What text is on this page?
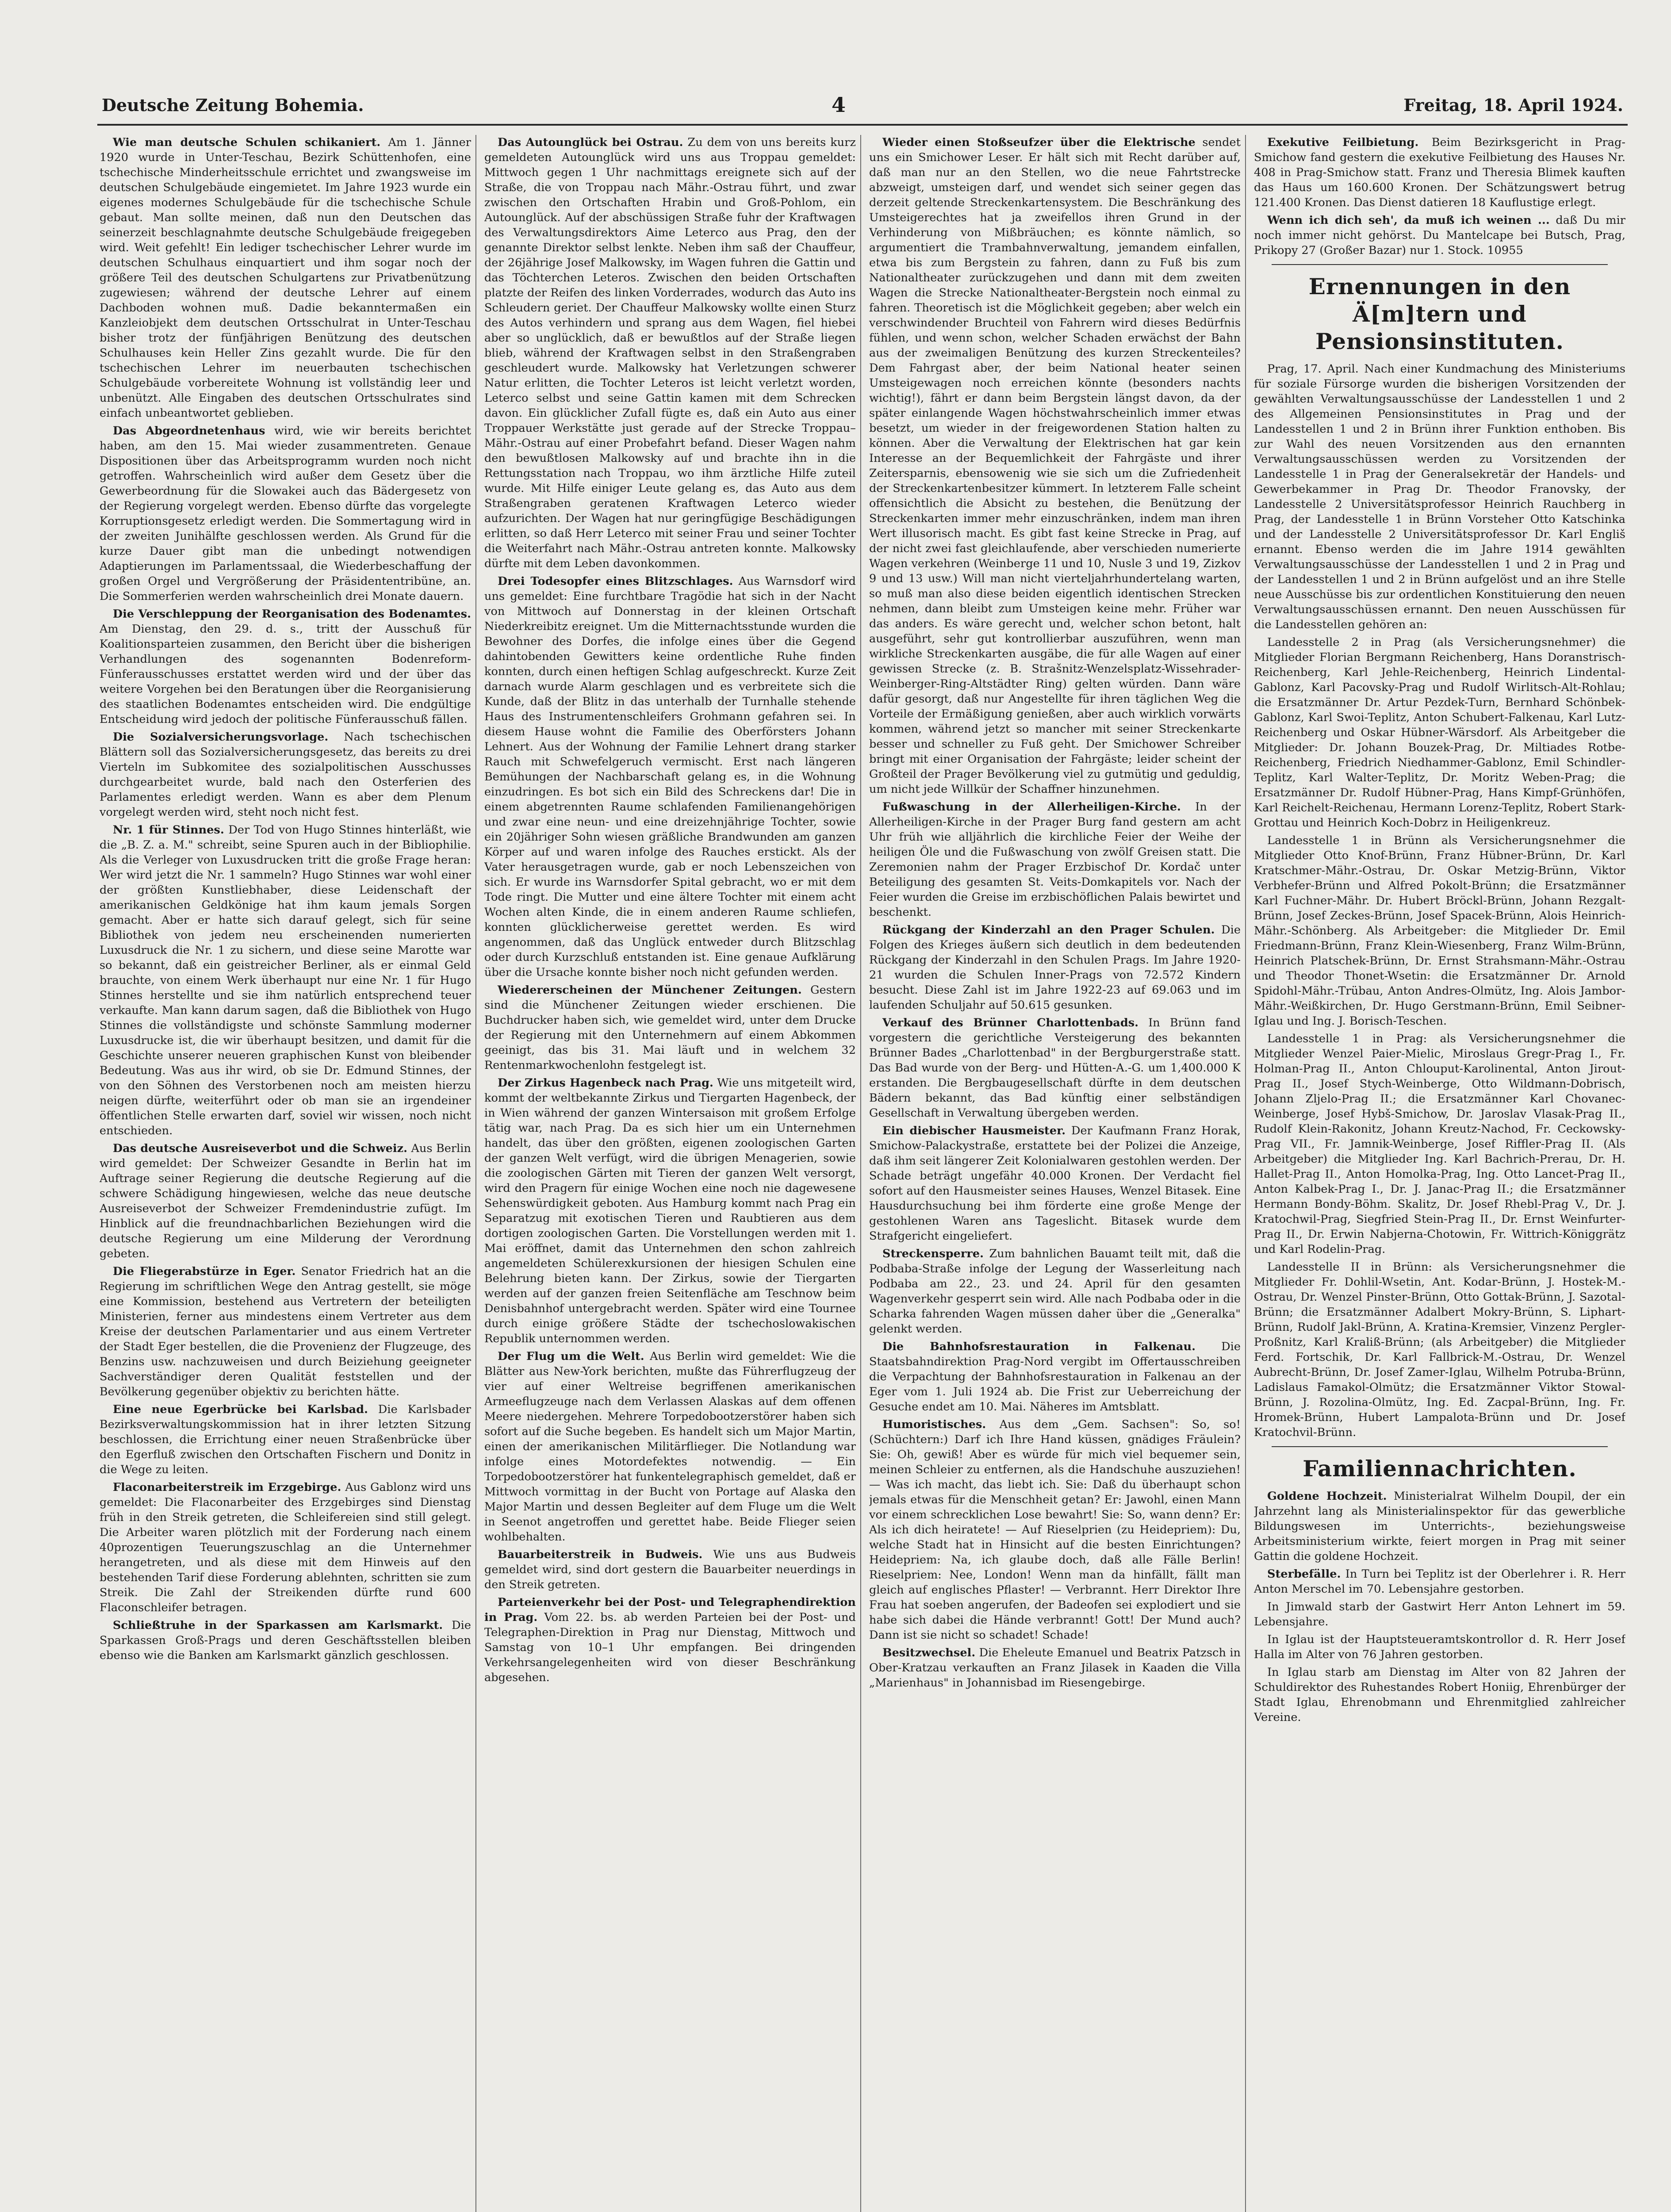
Deutsche Zeitung Bohemia.	4	Freitag, 18. April 1924.

Wie man deutsche Schulen schikaniert. Am 1. Jänner 1920 wurde in Unter-Teschau, Bezirk Schüttenhofen, eine tschechische Minderheitsschule errichtet und zwangsweise im deutschen Schulgebäude eingemietet. Im Jahre 1923 wurde ein eigenes modernes Schulgebäude für die tschechische Schule gebaut. Man sollte meinen, daß nun den Deutschen das seinerzeit beschlagnahmte deutsche Schulgebäude freigegeben wird. Weit gefehlt! Ein lediger tschechischer Lehrer wurde im deutschen Schulhaus einquartiert und ihm sogar noch der größere Teil des deutschen Schulgartens zur Privatbenützung zugewiesen; während der deutsche Lehrer auf einem Dachboden wohnen muß. Dadie bekanntermaßen ein Kanzleiobjekt dem deutschen Ortsschulrat in Unter-Teschau bisher trotz der fünfjährigen Benützung des deutschen Schulhauses kein Heller Zins gezahlt wurde. Die für den tschechischen Lehrer im neuerbauten tschechischen Schulgebäude vorbereitete Wohnung ist vollständig leer und unbenützt. Alle Eingaben des deutschen Ortsschulrates sind einfach unbeantwortet geblieben.

Das Abgeordnetenhaus wird, wie wir bereits berichtet haben, am den 15. Mai wieder zusammentreten. Genaue Dispositionen über das Arbeitsprogramm wurden noch nicht getroffen. Wahrscheinlich wird außer dem Gesetz über die Gewerbeordnung für die Slowakei auch das Bädergesetz von der Regierung vorgelegt werden. Ebenso dürfte das vorgelegte Korruptionsgesetz erledigt werden. Die Sommertagung wird in der zweiten Junihälfte geschlossen werden. Als Grund für die kurze Dauer gibt man die unbedingt notwendigen Adaptierungen im Parlamentssaal, die Wiederbeschaffung der großen Orgel und Vergrößerung der Präsidententribüne, an. Die Sommerferien werden wahrscheinlich drei Monate dauern.

Die Verschleppung der Reorganisation des Bodenamtes. Am Dienstag, den 29. d. s., tritt der Ausschuß für Koalitionsparteien zusammen, den Bericht über die bisherigen Verhandlungen des sogenannten Bodenreform-Fünferausschusses erstattet werden wird und der über das weitere Vorgehen bei den Beratungen über die Reorganisierung des staatlichen Bodenamtes entscheiden wird. Die endgültige Entscheidung wird jedoch der politische Fünferausschuß fällen.

Die Sozialversicherungsvorlage. Nach tschechischen Blättern soll das Sozialversicherungsgesetz, das bereits zu drei Vierteln im Subkomitee des sozialpolitischen Ausschusses durchgearbeitet wurde, bald nach den Osterferien des Parlamentes erledigt werden. Wann es aber dem Plenum vorgelegt werden wird, steht noch nicht fest.

Nr. 1 für Stinnes. Der Tod von Hugo Stinnes hinterläßt, wie die „B. Z. a. M." schreibt, seine Spuren auch in der Bibliophilie. Als die Verleger von Luxusdrucken tritt die große Frage heran: Wer wird jetzt die Nr. 1 sammeln? Hugo Stinnes war wohl einer der größten Kunstliebhaber, diese Leidenschaft der amerikanischen Geldkönige hat ihm kaum jemals Sorgen gemacht. Aber er hatte sich darauf gelegt, sich für seine Bibliothek von jedem neu erscheinenden numerierten Luxusdruck die Nr. 1 zu sichern, und diese seine Marotte war so bekannt, daß ein geistreicher Berliner, als er einmal Geld brauchte, von einem Werk überhaupt nur eine Nr. 1 für Hugo Stinnes herstellte und sie ihm natürlich entsprechend teuer verkaufte. Man kann darum sagen, daß die Bibliothek von Hugo Stinnes die vollständigste und schönste Sammlung moderner Luxusdrucke ist, die wir überhaupt besitzen, und damit für die Geschichte unserer neueren graphischen Kunst von bleibender Bedeutung. Was aus ihr wird, ob sie Dr. Edmund Stinnes, der von den Söhnen des Verstorbenen noch am meisten hierzu neigen dürfte, weiterführt oder ob man sie an irgendeiner öffentlichen Stelle erwarten darf, soviel wir wissen, noch nicht entschieden.

Das deutsche Ausreiseverbot und die Schweiz. Aus Berlin wird gemeldet: Der Schweizer Gesandte in Berlin hat im Auftrage seiner Regierung die deutsche Regierung auf die schwere Schädigung hingewiesen, welche das neue deutsche Ausreiseverbot der Schweizer Fremdenindustrie zufügt. Im Hinblick auf die freundnachbarlichen Beziehungen wird die deutsche Regierung um eine Milderung der Verordnung gebeten.

Die Fliegerabstürze in Eger. Senator Friedrich hat an die Regierung im schriftlichen Wege den Antrag gestellt, sie möge eine Kommission, bestehend aus Vertretern der beteiligten Ministerien, ferner aus mindestens einem Vertreter aus dem Kreise der deutschen Parlamentarier und aus einem Vertreter der Stadt Eger bestellen, die die Provenienz der Flugzeuge, des Benzins usw. nachzuweisen und durch Beiziehung geeigneter Sachverständiger deren Qualität feststellen und der Bevölkerung gegenüber objektiv zu berichten hätte.

Eine neue Egerbrücke bei Karlsbad. Die Karlsbader Bezirksverwaltungskommission hat in ihrer letzten Sitzung beschlossen, die Errichtung einer neuen Straßenbrücke über den Egerfluß zwischen den Ortschaften Fischern und Donitz in die Wege zu leiten.

Flaconarbeiterstreik im Erzgebirge. Aus Gablonz wird uns gemeldet: Die Flaconarbeiter des Erzgebirges sind Dienstag früh in den Streik getreten, die Schleifereien sind still gelegt. Die Arbeiter waren plötzlich mit der Forderung nach einem 40prozentigen Teuerungszuschlag an die Unternehmer herangetreten, und als diese mit dem Hinweis auf den bestehenden Tarif diese Forderung ablehnten, schritten sie zum Streik. Die Zahl der Streikenden dürfte rund 600 Flaconschleifer betragen.

Schließtruhe in der Sparkassen am Karlsmarkt. Die Sparkassen Groß-Prags und deren Geschäftsstellen bleiben ebenso wie die Banken am Karlsmarkt gänzlich geschlossen.

Das Autounglück bei Ostrau. Zu dem von uns bereits kurz gemeldeten Autounglück wird uns aus Troppau gemeldet: Mittwoch gegen 1 Uhr nachmittags ereignete sich auf der Straße, die von Troppau nach Mähr.-Ostrau führt, und zwar zwischen den Ortschaften Hrabin und Groß-Pohlom, ein Autounglück. Auf der abschüssigen Straße fuhr der Kraftwagen des Verwaltungsdirektors Aime Leterco aus Prag, den der genannte Direktor selbst lenkte. Neben ihm saß der Chauffeur, der 26jährige Josef Malkowsky, im Wagen fuhren die Gattin und das Töchterchen Leteros. Zwischen den beiden Ortschaften platzte der Reifen des linken Vorderrades, wodurch das Auto ins Schleudern geriet. Der Chauffeur Malkowsky wollte einen Sturz des Autos verhindern und sprang aus dem Wagen, fiel hiebei aber so unglücklich, daß er bewußtlos auf der Straße liegen blieb, während der Kraftwagen selbst in den Straßengraben geschleudert wurde. Malkowsky hat Verletzungen schwerer Natur erlitten, die Tochter Leteros ist leicht verletzt worden, Leterco selbst und seine Gattin kamen mit dem Schrecken davon. Ein glücklicher Zufall fügte es, daß ein Auto aus einer Troppauer Werkstätte just gerade auf der Strecke Troppau–Mähr.-Ostrau auf einer Probefahrt befand. Dieser Wagen nahm den bewußtlosen Malkowsky auf und brachte ihn in die Rettungsstation nach Troppau, wo ihm ärztliche Hilfe zuteil wurde. Mit Hilfe einiger Leute gelang es, das Auto aus dem Straßengraben geratenen Kraftwagen Leterco wieder aufzurichten. Der Wagen hat nur geringfügige Beschädigungen erlitten, so daß Herr Leterco mit seiner Frau und seiner Tochter die Weiterfahrt nach Mähr.-Ostrau antreten konnte. Malkowsky dürfte mit dem Leben davonkommen.

Drei Todesopfer eines Blitzschlages. Aus Warnsdorf wird uns gemeldet: Eine furchtbare Tragödie hat sich in der Nacht von Mittwoch auf Donnerstag in der kleinen Ortschaft Niederkreibitz ereignet. Um die Mitternachtsstunde wurden die Bewohner des Dorfes, die infolge eines über die Gegend dahintobenden Gewitters keine ordentliche Ruhe finden konnten, durch einen heftigen Schlag aufgeschreckt. Kurze Zeit darnach wurde Alarm geschlagen und es verbreitete sich die Kunde, daß der Blitz in das unterhalb der Turnhalle stehende Haus des Instrumentenschleifers Grohmann gefahren sei. In diesem Hause wohnt die Familie des Oberförsters Johann Lehnert. Aus der Wohnung der Familie Lehnert drang starker Rauch mit Schwefelgeruch vermischt. Erst nach längeren Bemühungen der Nachbarschaft gelang es, in die Wohnung einzudringen. Es bot sich ein Bild des Schreckens dar! Die in einem abgetrennten Raume schlafenden Familienangehörigen und zwar eine neun- und eine dreizehnjährige Tochter, sowie ein 20jähriger Sohn wiesen gräßliche Brandwunden am ganzen Körper auf und waren infolge des Rauches erstickt. Als der Vater herausgetragen wurde, gab er noch Lebenszeichen von sich. Er wurde ins Warnsdorfer Spital gebracht, wo er mit dem Tode ringt. Die Mutter und eine ältere Tochter mit einem acht Wochen alten Kinde, die in einem anderen Raume schliefen, konnten glücklicherweise gerettet werden. Es wird angenommen, daß das Unglück entweder durch Blitzschlag oder durch Kurzschluß entstanden ist. Eine genaue Aufklärung über die Ursache konnte bisher noch nicht gefunden werden.

Wiedererscheinen der Münchener Zeitungen. Gestern sind die Münchener Zeitungen wieder erschienen. Die Buchdrucker haben sich, wie gemeldet wird, unter dem Drucke der Regierung mit den Unternehmern auf einem Abkommen geeinigt, das bis 31. Mai läuft und in welchem 32 Rentenmarkwochenlohn festgelegt ist.

Der Zirkus Hagenbeck nach Prag. Wie uns mitgeteilt wird, kommt der weltbekannte Zirkus und Tiergarten Hagenbeck, der in Wien während der ganzen Wintersaison mit großem Erfolge tätig war, nach Prag. Da es sich hier um ein Unternehmen handelt, das über den größten, eigenen zoologischen Garten der ganzen Welt verfügt, wird die übrigen Menagerien, sowie die zoologischen Gärten mit Tieren der ganzen Welt versorgt, wird den Pragern für einige Wochen eine noch nie dagewesene Sehenswürdigkeit geboten. Aus Hamburg kommt nach Prag ein Separatzug mit exotischen Tieren und Raubtieren aus dem dortigen zoologischen Garten. Die Vorstellungen werden mit 1. Mai eröffnet, damit das Unternehmen den schon zahlreich angemeldeten Schülerexkursionen der hiesigen Schulen eine Belehrung bieten kann. Der Zirkus, sowie der Tiergarten werden auf der ganzen freien Seitenfläche am Teschnow beim Denisbahnhof untergebracht werden. Später wird eine Tournee durch einige größere Städte der tschechoslowakischen Republik unternommen werden.

Der Flug um die Welt. Aus Berlin wird gemeldet: Wie die Blätter aus New-York berichten, mußte das Führerflugzeug der vier auf einer Weltreise begriffenen amerikanischen Armeeflugzeuge nach dem Verlassen Alaskas auf dem offenen Meere niedergehen. Mehrere Torpedobootzerstörer haben sich sofort auf die Suche begeben. Es handelt sich um Major Martin, einen der amerikanischen Militärflieger. Die Notlandung war infolge eines Motordefektes notwendig. — Ein Torpedobootzerstörer hat funkentelegraphisch gemeldet, daß er Mittwoch vormittag in der Bucht von Portage auf Alaska den Major Martin und dessen Begleiter auf dem Fluge um die Welt in Seenot angetroffen und gerettet habe. Beide Flieger seien wohlbehalten.

Bauarbeiterstreik in Budweis. Wie uns aus Budweis gemeldet wird, sind dort gestern die Bauarbeiter neuerdings in den Streik getreten.

Parteienverkehr bei der Post- und Telegraphendirektion in Prag. Vom 22. bs. ab werden Parteien bei der Post- und Telegraphen-Direktion in Prag nur Dienstag, Mittwoch und Samstag von 10–1 Uhr empfangen. Bei dringenden Verkehrsangelegenheiten wird von dieser Beschränkung abgesehen.

Wieder einen Stoßseufzer über die Elektrische sendet uns ein Smichower Leser. Er hält sich mit Recht darüber auf, daß man nur an den Stellen, wo die neue Fahrtstrecke abzweigt, umsteigen darf, und wendet sich seiner gegen das derzeit geltende Streckenkartensystem. Die Beschränkung des Umsteigerechtes hat ja zweifellos ihren Grund in der Verhinderung von Mißbräuchen; es könnte nämlich, so argumentiert die Trambahnverwaltung, jemandem einfallen, etwa bis zum Bergstein zu fahren, dann zu Fuß bis zum Nationaltheater zurückzugehen und dann mit dem zweiten Wagen die Strecke Nationaltheater-Bergstein noch einmal zu fahren. Theoretisch ist die Möglichkeit gegeben; aber welch ein verschwindender Bruchteil von Fahrern wird dieses Bedürfnis fühlen, und wenn schon, welcher Schaden erwächst der Bahn aus der zweimaligen Benützung des kurzen Streckenteiles? Dem Fahrgast aber, der beim National heater seinen Umsteigewagen noch erreichen könnte (besonders nachts wichtig!), fährt er dann beim Bergstein längst davon, da der später einlangende Wagen höchstwahrscheinlich immer etwas besetzt, um wieder in der freigewordenen Station halten zu können. Aber die Verwaltung der Elektrischen hat gar kein Interesse an der Bequemlichkeit der Fahrgäste und ihrer Zeitersparnis, ebensowenig wie sie sich um die Zufriedenheit der Streckenkartenbesitzer kümmert. In letzterem Falle scheint offensichtlich die Absicht zu bestehen, die Benützung der Streckenkarten immer mehr einzuschränken, indem man ihren Wert illusorisch macht. Es gibt fast keine Strecke in Prag, auf der nicht zwei fast gleichlaufende, aber verschieden numerierte Wagen verkehren (Weinberge 11 und 10, Nusle 3 und 19, Zizkov 9 und 13 usw.) Will man nicht vierteljahrhundertelang warten, so muß man also diese beiden eigentlich identischen Strecken nehmen, dann bleibt zum Umsteigen keine mehr. Früher war das anders. Es wäre gerecht und, welcher schon betont, halt ausgeführt, sehr gut kontrollierbar auszuführen, wenn man wirkliche Streckenkarten ausgäbe, die für alle Wagen auf einer gewissen Strecke (z. B. Strašnitz-Wenzelsplatz-Wissehrader-Weinberger-Ring-Altstädter Ring) gelten würden. Dann wäre dafür gesorgt, daß nur Angestellte für ihren täglichen Weg die Vorteile der Ermäßigung genießen, aber auch wirklich vorwärts kommen, während jetzt so mancher mit seiner Streckenkarte besser und schneller zu Fuß geht. Der Smichower Schreiber bringt mit einer Organisation der Fahrgäste; leider scheint der Großteil der Prager Bevölkerung viel zu gutmütig und geduldig, um nicht jede Willkür der Schaffner hinzunehmen.

Fußwaschung in der Allerheiligen-Kirche. In der Allerheiligen-Kirche in der Prager Burg fand gestern am acht Uhr früh wie alljährlich die kirchliche Feier der Weihe der heiligen Öle und die Fußwaschung von zwölf Greisen statt. Die Zeremonien nahm der Prager Erzbischof Dr. Kordač unter Beteiligung des gesamten St. Veits-Domkapitels vor. Nach der Feier wurden die Greise im erzbischöflichen Palais bewirtet und beschenkt.

Rückgang der Kinderzahl an den Prager Schulen. Die Folgen des Krieges äußern sich deutlich in dem bedeutenden Rückgang der Kinderzahl in den Schulen Prags. Im Jahre 1920-21 wurden die Schulen Inner-Prags von 72.572 Kindern besucht. Diese Zahl ist im Jahre 1922-23 auf 69.063 und im laufenden Schuljahr auf 50.615 gesunken.

Verkauf des Brünner Charlottenbads. In Brünn fand vorgestern die gerichtliche Versteigerung des bekannten Brünner Bades „Charlottenbad" in der Bergburgerstraße statt. Das Bad wurde von der Berg- und Hütten-A.-G. um 1,400.000 K erstanden. Die Bergbaugesellschaft dürfte in dem deutschen Bädern bekannt, das Bad künftig einer selbständigen Gesellschaft in Verwaltung übergeben werden.

Ein diebischer Hausmeister. Der Kaufmann Franz Horak, Smichow-Palackystraße, erstattete bei der Polizei die Anzeige, daß ihm seit längerer Zeit Kolonialwaren gestohlen werden. Der Schade beträgt ungefähr 40.000 Kronen. Der Verdacht fiel sofort auf den Hausmeister seines Hauses, Wenzel Bitasek. Eine Hausdurchsuchung bei ihm förderte eine große Menge der gestohlenen Waren ans Tageslicht. Bitasek wurde dem Strafgericht eingeliefert.

Streckensperre. Zum bahnlichen Bauamt teilt mit, daß die Podbaba-Straße infolge der Legung der Wasserleitung nach Podbaba am 22., 23. und 24. April für den gesamten Wagenverkehr gesperrt sein wird. Alle nach Podbaba oder in die Scharka fahrenden Wagen müssen daher über die „Generalka" gelenkt werden.

Die Bahnhofsrestauration in Falkenau. Die Staatsbahndirektion Prag-Nord vergibt im Offertausschreiben die Verpachtung der Bahnhofsrestauration in Falkenau an der Eger vom 1. Juli 1924 ab. Die Frist zur Ueberreichung der Gesuche endet am 10. Mai. Näheres im Amtsblatt.

Humoristisches. Aus dem „Gem. Sachsen": So, so! (Schüchtern:) Darf ich Ihre Hand küssen, gnädiges Fräulein? Sie: Oh, gewiß! Aber es würde für mich viel bequemer sein, meinen Schleier zu entfernen, als die Handschuhe auszuziehen! — Was ich macht, das liebt ich. Sie: Daß du überhaupt schon jemals etwas für die Menschheit getan? Er: Jawohl, einen Mann vor einem schrecklichen Lose bewahrt! Sie: So, wann denn? Er: Als ich dich heiratete! — Auf Rieselprien (zu Heidepriem): Du, welche Stadt hat in Hinsicht auf die besten Einrichtungen? Heidepriem: Na, ich glaube doch, daß alle Fälle Berlin! Rieselpriem: Nee, London! Wenn man da hinfällt, fällt man gleich auf englisches Pflaster! — Verbrannt. Herr Direktor Ihre Frau hat soeben angerufen, der Badeofen sei explodiert und sie habe sich dabei die Hände verbrannt! Gott! Der Mund auch? Dann ist sie nicht so schadet! Schade!

Besitzwechsel. Die Eheleute Emanuel und Beatrix Patzsch in Ober-Kratzau verkauften an Franz Jilasek in Kaaden die Villa „Marienhaus" in Johannisbad im Riesengebirge.

Exekutive Feilbietung. Beim Bezirksgericht in Prag-Smichow fand gestern die exekutive Feilbietung des Hauses Nr. 408 in Prag-Smichow statt. Franz und Theresia Blimek kauften das Haus um 160.600 Kronen. Der Schätzungswert betrug 121.400 Kronen. Das Dienst datieren 18 Kauflustige erlegt.

Wenn ich dich seh', da muß ich weinen ... daß Du mir noch immer nicht gehörst. Du Mantelcape bei Butsch, Prag, Prikopy 27 (Großer Bazar) nur 1. Stock. 10955

Ernennungen in den Ä[m]tern und Pensionsinstituten.

Prag, 17. April. Nach einer Kundmachung des Ministeriums für soziale Fürsorge wurden die bisherigen Vorsitzenden der gewählten Verwaltungsausschüsse der Landesstellen 1 und 2 des Allgemeinen Pensionsinstitutes in Prag und der Landesstellen 1 und 2 in Brünn ihrer Funktion enthoben. Bis zur Wahl des neuen Vorsitzenden aus den ernannten Verwaltungsausschüssen werden zu Vorsitzenden der Landesstelle 1 in Prag der Generalsekretär der Handels- und Gewerbekammer in Prag Dr. Theodor Franovsky, der Landesstelle 2 Universitätsprofessor Heinrich Rauchberg in Prag, der Landesstelle 1 in Brünn Vorsteher Otto Katschinka und der Landesstelle 2 Universitätsprofessor Dr. Karl Engliš ernannt. Ebenso werden die im Jahre 1914 gewählten Verwaltungsausschüsse der Landesstellen 1 und 2 in Prag und der Landesstellen 1 und 2 in Brünn aufgelöst und an ihre Stelle neue Ausschüsse bis zur ordentlichen Konstituierung den neuen Verwaltungsausschüssen ernannt. Den neuen Ausschüssen für die Landesstellen gehören an:

Landesstelle 2 in Prag (als Versicherungsnehmer) die Mitglieder Florian Bergmann Reichenberg, Hans Doranstrisch-Reichenberg, Karl Jehle-Reichenberg, Heinrich Lindental-Gablonz, Karl Pacovsky-Prag und Rudolf Wirlitsch-Alt-Rohlau; die Ersatzmänner Dr. Artur Pezdek-Turn, Bernhard Schönbek-Gablonz, Karl Swoi-Teplitz, Anton Schubert-Falkenau, Karl Lutz-Reichenberg und Oskar Hübner-Wärsdorf. Als Arbeitgeber die Mitglieder: Dr. Johann Bouzek-Prag, Dr. Miltiades Rotbe-Reichenberg, Friedrich Niedhammer-Gablonz, Emil Schindler-Teplitz, Karl Walter-Teplitz, Dr. Moritz Weben-Prag; die Ersatzmänner Dr. Rudolf Hübner-Prag, Hans Kimpf-Grünhöfen, Karl Reichelt-Reichenau, Hermann Lorenz-Teplitz, Robert Stark-Grottau und Heinrich Koch-Dobrz in Heiligenkreuz.

Landesstelle 1 in Brünn als Versicherungsnehmer die Mitglieder Otto Knof-Brünn, Franz Hübner-Brünn, Dr. Karl Kratschmer-Mähr.-Ostrau, Dr. Oskar Metzig-Brünn, Viktor Verbhefer-Brünn und Alfred Pokolt-Brünn; die Ersatzmänner Karl Fuchner-Mähr. Dr. Hubert Bröckl-Brünn, Johann Rezgalt-Brünn, Josef Zeckes-Brünn, Josef Spacek-Brünn, Alois Heinrich-Mähr.-Schönberg. Als Arbeitgeber: die Mitglieder Dr. Emil Friedmann-Brünn, Franz Klein-Wiesenberg, Franz Wilm-Brünn, Heinrich Platschek-Brünn, Dr. Ernst Strahsmann-Mähr.-Ostrau und Theodor Thonet-Wsetin: die Ersatzmänner Dr. Arnold Spidohl-Mähr.-Trübau, Anton Andres-Olmütz, Ing. Alois Jambor-Mähr.-Weißkirchen, Dr. Hugo Gerstmann-Brünn, Emil Seibner-Iglau und Ing. J. Borisch-Teschen.

Landesstelle 1 in Prag: als Versicherungsnehmer die Mitglieder Wenzel Paier-Mielic, Miroslaus Gregr-Prag I., Fr. Holman-Prag II., Anton Chlouput-Karolinental, Anton Jirout-Prag II., Josef Stych-Weinberge, Otto Wildmann-Dobrisch, Johann Zljelo-Prag II.; die Ersatzmänner Karl Chovanec-Weinberge, Josef Hybš-Smichow, Dr. Jaroslav Vlasak-Prag II., Rudolf Klein-Rakonitz, Johann Kreutz-Nachod, Fr. Ceckowsky-Prag VII., Fr. Jamnik-Weinberge, Josef Riffler-Prag II. (Als Arbeitgeber) die Mitglieder Ing. Karl Bachrich-Prerau, Dr. H. Hallet-Prag II., Anton Homolka-Prag, Ing. Otto Lancet-Prag II., Anton Kalbek-Prag I., Dr. J. Janac-Prag II.; die Ersatzmänner Hermann Bondy-Böhm. Skalitz, Dr. Josef Rhebl-Prag V., Dr. J. Kratochwil-Prag, Siegfried Stein-Prag II., Dr. Ernst Weinfurter-Prag II., Dr. Erwin Nabjerna-Chotowin, Fr. Wittrich-Königgrätz und Karl Rodelin-Prag.

Landesstelle II in Brünn: als Versicherungsnehmer die Mitglieder Fr. Dohlil-Wsetin, Ant. Kodar-Brünn, J. Hostek-M.-Ostrau, Dr. Wenzel Pinster-Brünn, Otto Gottak-Brünn, J. Sazotal-Brünn; die Ersatzmänner Adalbert Mokry-Brünn, S. Liphart-Brünn, Rudolf Jakl-Brünn, A. Kratina-Kremsier, Vinzenz Pergler-Proßnitz, Karl Kraliß-Brünn; (als Arbeitgeber) die Mitglieder Ferd. Fortschik, Dr. Karl Fallbrick-M.-Ostrau, Dr. Wenzel Aubrecht-Brünn, Dr. Josef Zamer-Iglau, Wilhelm Potruba-Brünn, Ladislaus Famakol-Olmütz; die Ersatzmänner Viktor Stowal-Brünn, J. Rozolina-Olmütz, Ing. Ed. Zacpal-Brünn, Ing. Fr. Hromek-Brünn, Hubert Lampalota-Brünn und Dr. Josef Kratochvil-Brünn.

Familiennachrichten.

Goldene Hochzeit. Ministerialrat Wilhelm Doupil, der ein Jahrzehnt lang als Ministerialinspektor für das gewerbliche Bildungswesen im Unterrichts-, beziehungsweise Arbeitsministerium wirkte, feiert morgen in Prag mit seiner Gattin die goldene Hochzeit.

Sterbefälle. In Turn bei Teplitz ist der Oberlehrer i. R. Herr Anton Merschel im 70. Lebensjahre gestorben.

In Jimwald starb der Gastwirt Herr Anton Lehnert im 59. Lebensjahre.

In Iglau ist der Hauptsteueramtskontrollor d. R. Herr Josef Halla im Alter von 76 Jahren gestorben.

In Iglau starb am Dienstag im Alter von 82 Jahren der Schuldirektor des Ruhestandes Robert Honiig, Ehrenbürger der Stadt Iglau, Ehrenobmann und Ehrenmitglied zahlreicher Vereine.
